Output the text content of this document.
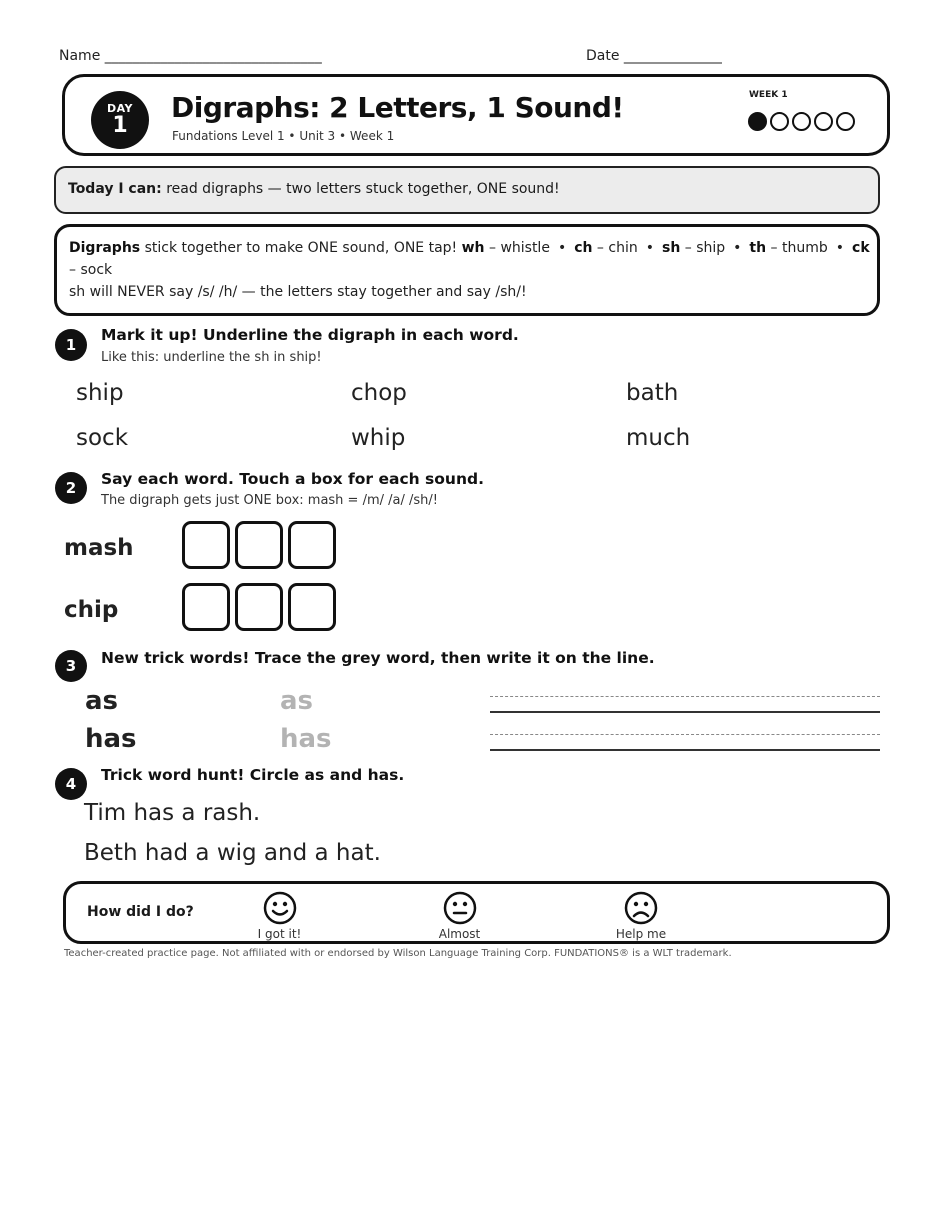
Name _______________________________	Date ______________
DAY
1
Digraphs: 2 Letters, 1 Sound!
Fundations Level 1 • Unit 3 • Week 1
WEEK 1
Today I can: read digraphs — two letters stuck together, ONE sound!
Digraphs stick together to make ONE sound, ONE tap! wh – whistle • ch – chin • sh – ship • th – thumb • ck – sock
sh will NEVER say /s/ /h/ — the letters stay together and say /sh/!
1
Mark it up! Underline the digraph in each word.
Like this: underline the sh in ship!
ship	chop	bath
sock	whip	much
2	Say each word. Touch a box for each sound.
The digraph gets just ONE box: mash = /m/ /a/ /sh/!
mash
chip
3	New trick words! Trace the grey word, then write it on the line.
as	as
has	has
4	Trick word hunt! Circle as and has.
Tim has a rash.
Beth had a wig and a hat.
How did I do?
I got it!	Almost	Help me
Teacher-created practice page. Not affiliated with or endorsed by Wilson Language Training Corp. FUNDATIONS® is a WLT trademark.
